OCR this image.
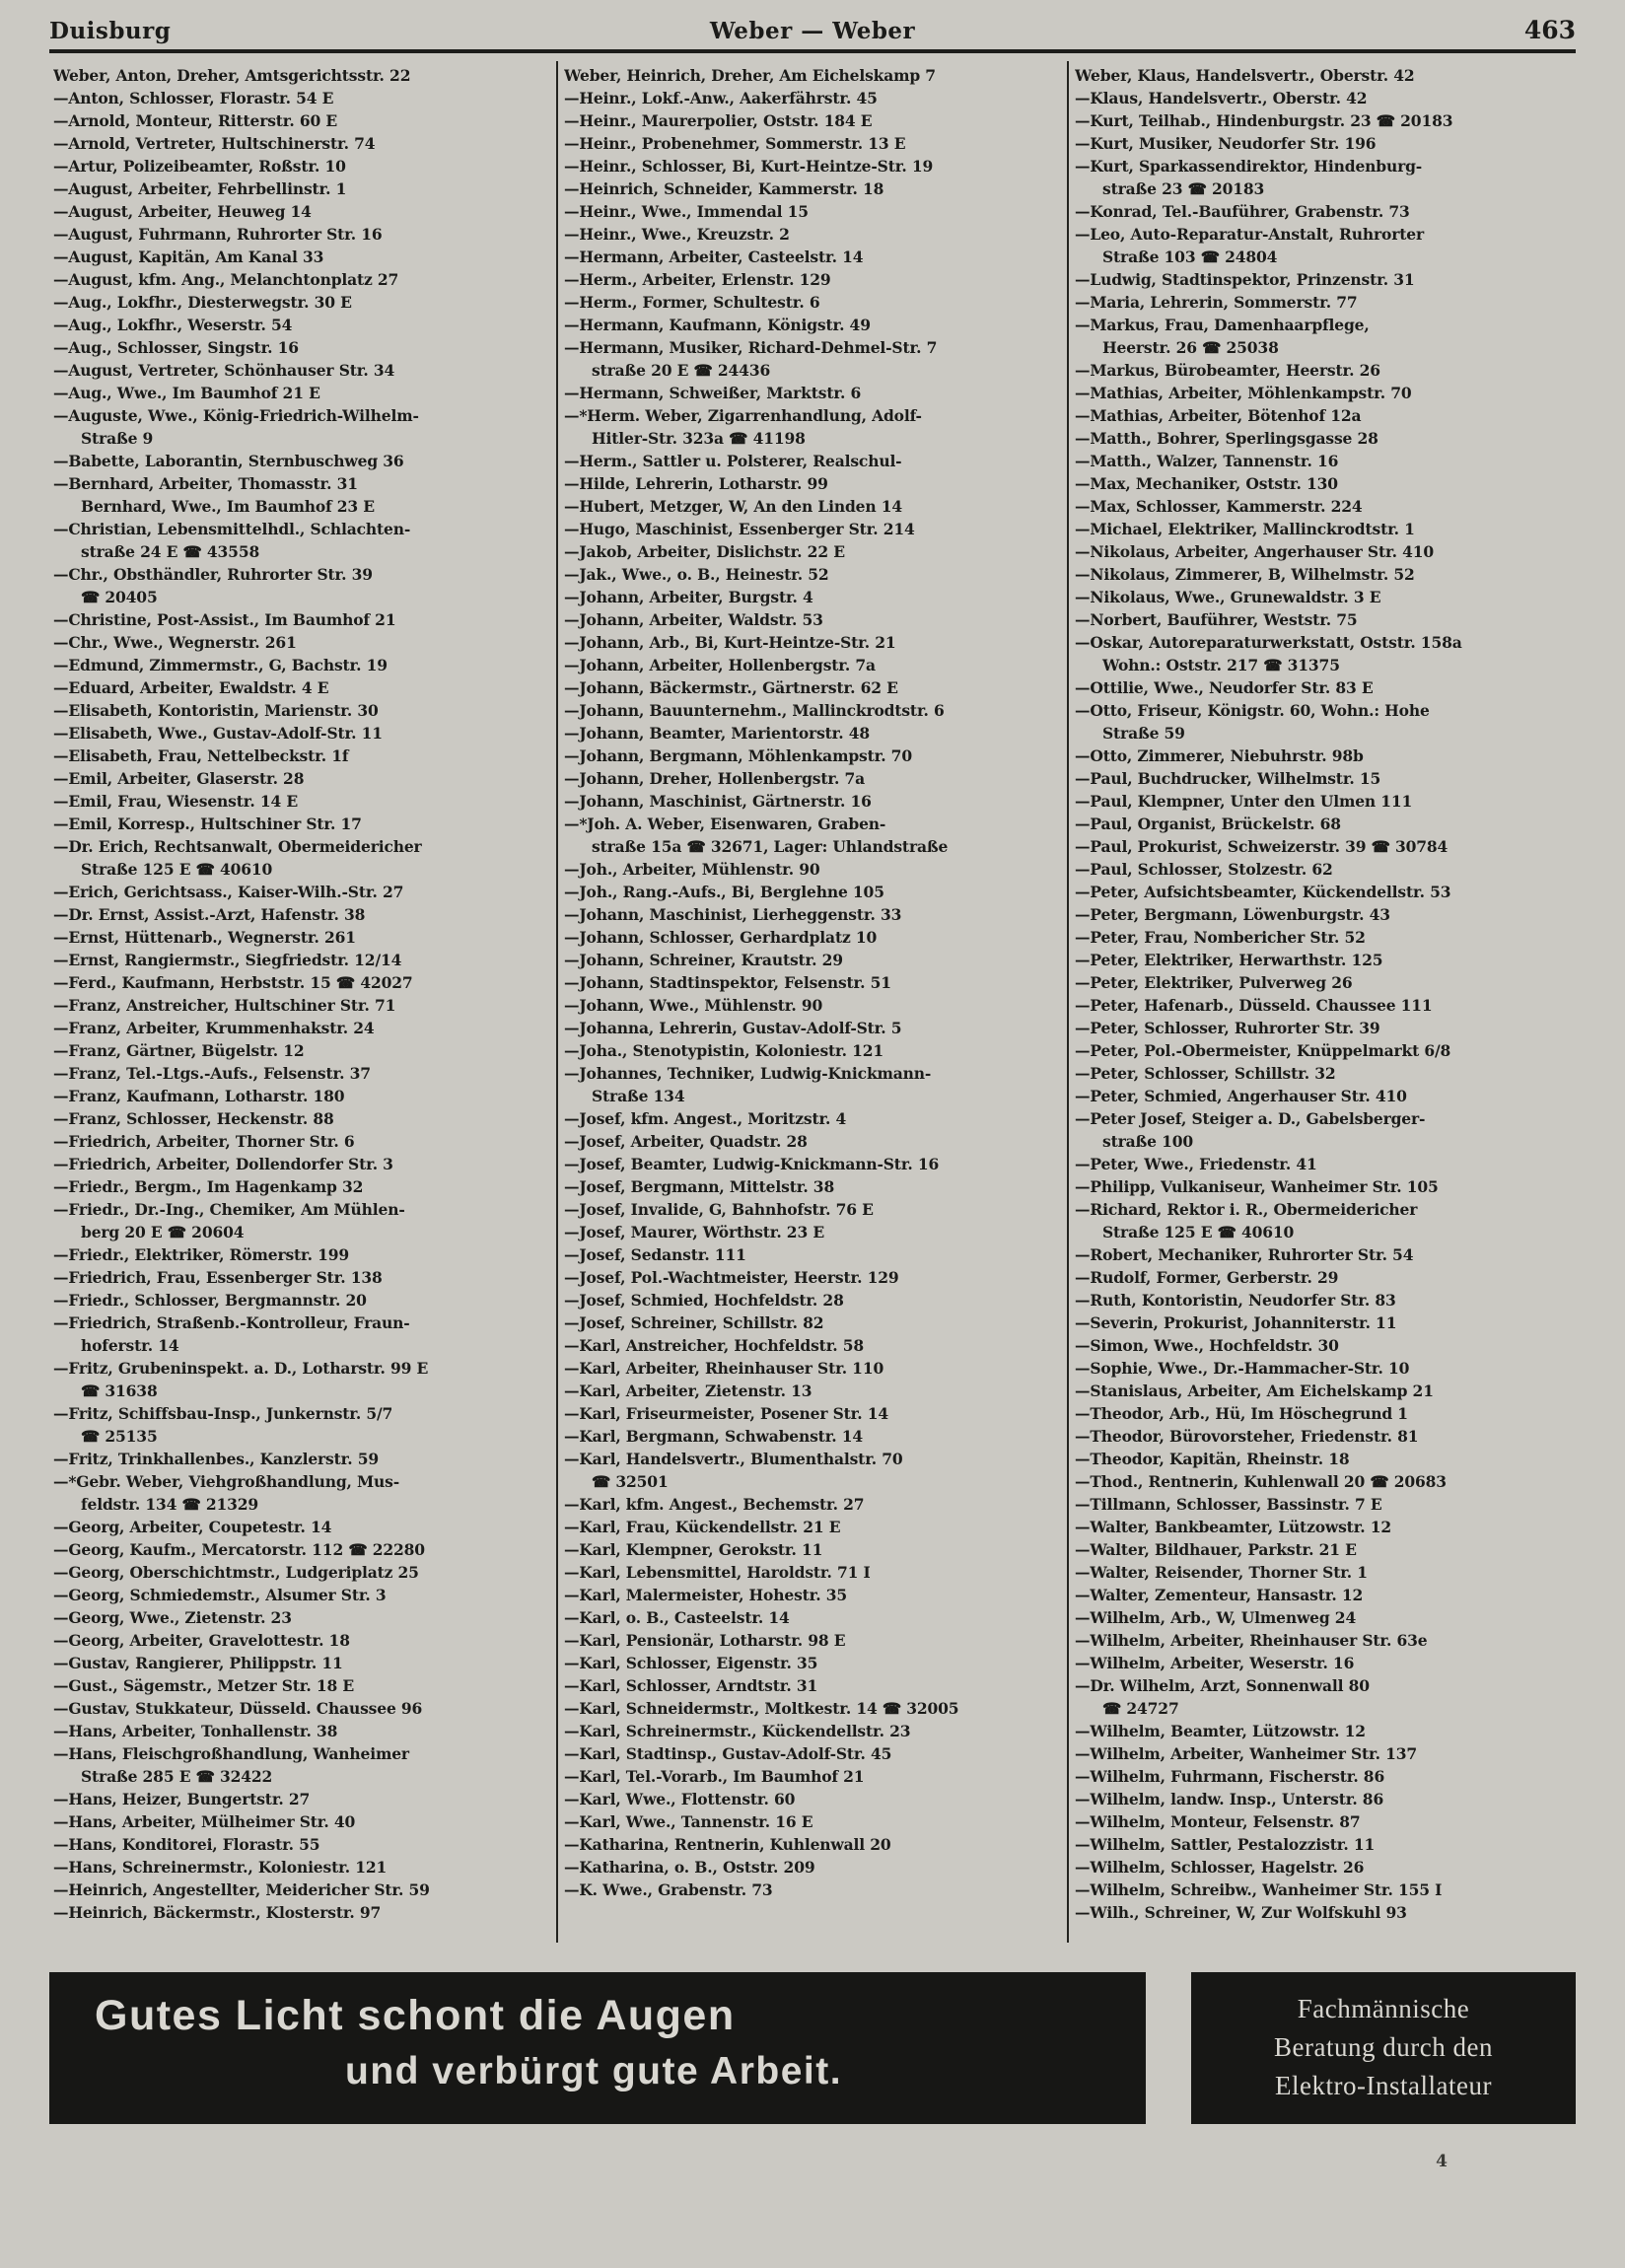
Duisburg	Weber — Weber	463
Weber, Anton, Dreher, Amtsgerichtsstr. 22
—Anton, Schlosser, Florastr. 54 E
—Arnold, Monteur, Ritterstr. 60 E
—Arnold, Vertreter, Hultschinerstr. 74
—Artur, Polizeibeamter, Roßstr. 10
—August, Arbeiter, Fehrbellinstr. 1
—August, Arbeiter, Heuweg 14
—August, Fuhrmann, Ruhrorter Str. 16
—August, Kapitän, Am Kanal 33
—August, kfm. Ang., Melanchtonplatz 27
—Aug., Lokfhr., Diesterwegstr. 30 E
—Aug., Lokfhr., Weserstr. 54
—Aug., Schlosser, Singstr. 16
—August, Vertreter, Schönhauser Str. 34
—Aug., Wwe., Im Baumhof 21 E
—Auguste, Wwe., König-Friedrich-Wilhelm-
Straße 9
—Babette, Laborantin, Sternbuschweg 36
—Bernhard, Arbeiter, Thomasstr. 31
Bernhard, Wwe., Im Baumhof 23 E
—Christian, Lebensmittelhdl., Schlachten-
straße 24 E ☎ 43558
—Chr., Obsthändler, Ruhrorter Str. 39
☎ 20405
—Christine, Post-Assist., Im Baumhof 21
—Chr., Wwe., Wegnerstr. 261
—Edmund, Zimmermstr., G, Bachstr. 19
—Eduard, Arbeiter, Ewaldstr. 4 E
—Elisabeth, Kontoristin, Marienstr. 30
—Elisabeth, Wwe., Gustav-Adolf-Str. 11
—Elisabeth, Frau, Nettelbeckstr. 1f
—Emil, Arbeiter, Glaserstr. 28
—Emil, Frau, Wiesenstr. 14 E
—Emil, Korresp., Hultschiner Str. 17
—Dr. Erich, Rechtsanwalt, Obermeidericher
Straße 125 E ☎ 40610
—Erich, Gerichtsass., Kaiser-Wilh.-Str. 27
—Dr. Ernst, Assist.-Arzt, Hafenstr. 38
—Ernst, Hüttenarb., Wegnerstr. 261
—Ernst, Rangiermstr., Siegfriedstr. 12/14
—Ferd., Kaufmann, Herbststr. 15 ☎ 42027
—Franz, Anstreicher, Hultschiner Str. 71
—Franz, Arbeiter, Krummenhakstr. 24
—Franz, Gärtner, Bügelstr. 12
—Franz, Tel.-Ltgs.-Aufs., Felsenstr. 37
—Franz, Kaufmann, Lotharstr. 180
—Franz, Schlosser, Heckenstr. 88
—Friedrich, Arbeiter, Thorner Str. 6
—Friedrich, Arbeiter, Dollendorfer Str. 3
—Friedr., Bergm., Im Hagenkamp 32
—Friedr., Dr.-Ing., Chemiker, Am Mühlen-
berg 20 E ☎ 20604
—Friedr., Elektriker, Römerstr. 199
—Friedrich, Frau, Essenberger Str. 138
—Friedr., Schlosser, Bergmannstr. 20
—Friedrich, Straßenb.-Kontrolleur, Fraun-
hoferstr. 14
—Fritz, Grubeninspekt. a. D., Lotharstr. 99 E
☎ 31638
—Fritz, Schiffsbau-Insp., Junkernstr. 5/7
☎ 25135
—Fritz, Trinkhallenbes., Kanzlerstr. 59
—*Gebr. Weber, Viehgroßhandlung, Mus-
feldstr. 134 ☎ 21329
—Georg, Arbeiter, Coupetestr. 14
—Georg, Kaufm., Mercatorstr. 112 ☎ 22280
—Georg, Oberschichtmstr., Ludgeriplatz 25
—Georg, Schmiedemstr., Alsumer Str. 3
—Georg, Wwe., Zietenstr. 23
—Georg, Arbeiter, Gravelottestr. 18
—Gustav, Rangierer, Philippstr. 11
—Gust., Sägemstr., Metzer Str. 18 E
—Gustav, Stukkateur, Düsseld. Chaussee 96
—Hans, Arbeiter, Tonhallenstr. 38
—Hans, Fleischgroßhandlung, Wanheimer
Straße 285 E ☎ 32422
—Hans, Heizer, Bungertstr. 27
—Hans, Arbeiter, Mülheimer Str. 40
—Hans, Konditorei, Florastr. 55
—Hans, Schreinermstr., Koloniestr. 121
—Heinrich, Angestellter, Meidericher Str. 59
—Heinrich, Bäckermstr., Klosterstr. 97
Weber, Heinrich, Dreher, Am Eichelskamp 7
—Heinr., Lokf.-Anw., Aakerfährstr. 45
—Heinr., Maurerpolier, Oststr. 184 E
—Heinr., Probenehmer, Sommerstr. 13 E
—Heinr., Schlosser, Bi, Kurt-Heintze-Str. 19
—Heinrich, Schneider, Kammerstr. 18
—Heinr., Wwe., Immendal 15
—Heinr., Wwe., Kreuzstr. 2
—Hermann, Arbeiter, Casteelstr. 14
—Herm., Arbeiter, Erlenstr. 129
—Herm., Former, Schultestr. 6
—Hermann, Kaufmann, Königstr. 49
—Hermann, Musiker, Richard-Dehmel-Str. 7
straße 20 E ☎ 24436
—Hermann, Schweißer, Marktstr. 6
—*Herm. Weber, Zigarrenhandlung, Adolf-
Hitler-Str. 323a ☎ 41198
—Herm., Sattler u. Polsterer, Realschul-
—Hilde, Lehrerin, Lotharstr. 99
—Hubert, Metzger, W, An den Linden 14
—Hugo, Maschinist, Essenberger Str. 214
—Jakob, Arbeiter, Dislichstr. 22 E
—Jak., Wwe., o. B., Heinestr. 52
—Johann, Arbeiter, Burgstr. 4
—Johann, Arbeiter, Waldstr. 53
—Johann, Arb., Bi, Kurt-Heintze-Str. 21
—Johann, Arbeiter, Hollenbergstr. 7a
—Johann, Bäckermstr., Gärtnerstr. 62 E
—Johann, Bauunternehm., Mallinckrodtstr. 6
—Johann, Beamter, Marientorstr. 48
—Johann, Bergmann, Möhlenkampstr. 70
—Johann, Dreher, Hollenbergstr. 7a
—Johann, Maschinist, Gärtnerstr. 16
—*Joh. A. Weber, Eisenwaren, Graben-
straße 15a ☎ 32671, Lager: Uhlandstraße
—Joh., Arbeiter, Mühlenstr. 90
—Joh., Rang.-Aufs., Bi, Berglehne 105
—Johann, Maschinist, Lierheggenstr. 33
—Johann, Schlosser, Gerhardplatz 10
—Johann, Schreiner, Krautstr. 29
—Johann, Stadtinspektor, Felsenstr. 51
—Johann, Wwe., Mühlenstr. 90
—Johanna, Lehrerin, Gustav-Adolf-Str. 5
—Joha., Stenotypistin, Koloniestr. 121
—Johannes, Techniker, Ludwig-Knickmann-
Straße 134
—Josef, kfm. Angest., Moritzstr. 4
—Josef, Arbeiter, Quadstr. 28
—Josef, Beamter, Ludwig-Knickmann-Str. 16
—Josef, Bergmann, Mittelstr. 38
—Josef, Invalide, G, Bahnhofstr. 76 E
—Josef, Maurer, Wörthstr. 23 E
—Josef, Sedanstr. 111
—Josef, Pol.-Wachtmeister, Heerstr. 129
—Josef, Schmied, Hochfeldstr. 28
—Josef, Schreiner, Schillstr. 82
—Karl, Anstreicher, Hochfeldstr. 58
—Karl, Arbeiter, Rheinhauser Str. 110
—Karl, Arbeiter, Zietenstr. 13
—Karl, Friseurmeister, Posener Str. 14
—Karl, Bergmann, Schwabenstr. 14
—Karl, Handelsvertr., Blumenthalstr. 70
☎ 32501
—Karl, kfm. Angest., Bechemstr. 27
—Karl, Frau, Kückendellstr. 21 E
—Karl, Klempner, Gerokstr. 11
—Karl, Lebensmittel, Haroldstr. 71 I
—Karl, Malermeister, Hohestr. 35
—Karl, o. B., Casteelstr. 14
—Karl, Pensionär, Lotharstr. 98 E
—Karl, Schlosser, Eigenstr. 35
—Karl, Schlosser, Arndtstr. 31
—Karl, Schneidermstr., Moltkestr. 14 ☎ 32005
—Karl, Schreinermstr., Kückendellstr. 23
—Karl, Stadtinsp., Gustav-Adolf-Str. 45
—Karl, Tel.-Vorarb., Im Baumhof 21
—Karl, Wwe., Flottenstr. 60
—Karl, Wwe., Tannenstr. 16 E
—Katharina, Rentnerin, Kuhlenwall 20
—Katharina, o. B., Oststr. 209
—K. Wwe., Grabenstr. 73
Weber, Klaus, Handelsvertr., Oberstr. 42
—Klaus, Handelsvertr., Oberstr. 42
—Kurt, Teilhab., Hindenburgstr. 23 ☎ 20183
—Kurt, Musiker, Neudorfer Str. 196
—Kurt, Sparkassendirektor, Hindenburg-
straße 23 ☎ 20183
—Konrad, Tel.-Bauführer, Grabenstr. 73
—Leo, Auto-Reparatur-Anstalt, Ruhrorter
Straße 103 ☎ 24804
—Ludwig, Stadtinspektor, Prinzenstr. 31
—Maria, Lehrerin, Sommerstr. 77
—Markus, Frau, Damenhaarpflege,
Heerstr. 26 ☎ 25038
—Markus, Bürobeamter, Heerstr. 26
—Mathias, Arbeiter, Möhlenkampstr. 70
—Mathias, Arbeiter, Bötenhof 12a
—Matth., Bohrer, Sperlingsgasse 28
—Matth., Walzer, Tannenstr. 16
—Max, Mechaniker, Oststr. 130
—Max, Schlosser, Kammerstr. 224
—Michael, Elektriker, Mallinckrodtstr. 1
—Nikolaus, Arbeiter, Angerhauser Str. 410
—Nikolaus, Zimmerer, B, Wilhelmstr. 52
—Nikolaus, Wwe., Grunewaldstr. 3 E
—Norbert, Bauführer, Weststr. 75
—Oskar, Autoreparaturwerkstatt, Oststr. 158a
Wohn.: Oststr. 217 ☎ 31375
—Ottilie, Wwe., Neudorfer Str. 83 E
—Otto, Friseur, Königstr. 60, Wohn.: Hohe
Straße 59
—Otto, Zimmerer, Niebuhrstr. 98b
—Paul, Buchdrucker, Wilhelmstr. 15
—Paul, Klempner, Unter den Ulmen 111
—Paul, Organist, Brückelstr. 68
—Paul, Prokurist, Schweizerstr. 39 ☎ 30784
—Paul, Schlosser, Stolzestr. 62
—Peter, Aufsichtsbeamter, Kückendellstr. 53
—Peter, Bergmann, Löwenburgstr. 43
—Peter, Frau, Nombericher Str. 52
—Peter, Elektriker, Herwarthstr. 125
—Peter, Elektriker, Pulverweg 26
—Peter, Hafenarb., Düsseld. Chaussee 111
—Peter, Schlosser, Ruhrorter Str. 39
—Peter, Pol.-Obermeister, Knüppelmarkt 6/8
—Peter, Schlosser, Schillstr. 32
—Peter, Schmied, Angerhauser Str. 410
—Peter Josef, Steiger a. D., Gabelsberger-
straße 100
—Peter, Wwe., Friedenstr. 41
—Philipp, Vulkaniseur, Wanheimer Str. 105
—Richard, Rektor i. R., Obermeidericher
Straße 125 E ☎ 40610
—Robert, Mechaniker, Ruhrorter Str. 54
—Rudolf, Former, Gerberstr. 29
—Ruth, Kontoristin, Neudorfer Str. 83
—Severin, Prokurist, Johanniterstr. 11
—Simon, Wwe., Hochfeldstr. 30
—Sophie, Wwe., Dr.-Hammacher-Str. 10
—Stanislaus, Arbeiter, Am Eichelskamp 21
—Theodor, Arb., Hü, Im Höschegrund 1
—Theodor, Bürovorsteher, Friedenstr. 81
—Theodor, Kapitän, Rheinstr. 18
—Thod., Rentnerin, Kuhlenwall 20 ☎ 20683
—Tillmann, Schlosser, Bassinstr. 7 E
—Walter, Bankbeamter, Lützowstr. 12
—Walter, Bildhauer, Parkstr. 21 E
—Walter, Reisender, Thorner Str. 1
—Walter, Zementeur, Hansastr. 12
—Wilhelm, Arb., W, Ulmenweg 24
—Wilhelm, Arbeiter, Rheinhauser Str. 63e
—Wilhelm, Arbeiter, Weserstr. 16
—Dr. Wilhelm, Arzt, Sonnenwall 80
☎ 24727
—Wilhelm, Beamter, Lützowstr. 12
—Wilhelm, Arbeiter, Wanheimer Str. 137
—Wilhelm, Fuhrmann, Fischerstr. 86
—Wilhelm, landw. Insp., Unterstr. 86
—Wilhelm, Monteur, Felsenstr. 87
—Wilhelm, Sattler, Pestalozzistr. 11
—Wilhelm, Schlosser, Hagelstr. 26
—Wilhelm, Schreibw., Wanheimer Str. 155 I
—Wilh., Schreiner, W, Zur Wolfskuhl 93
Gutes Licht schont die Augen
und verbürgt gute Arbeit.
Fachmännische
Beratung durch den
Elektro-Installateur
4
